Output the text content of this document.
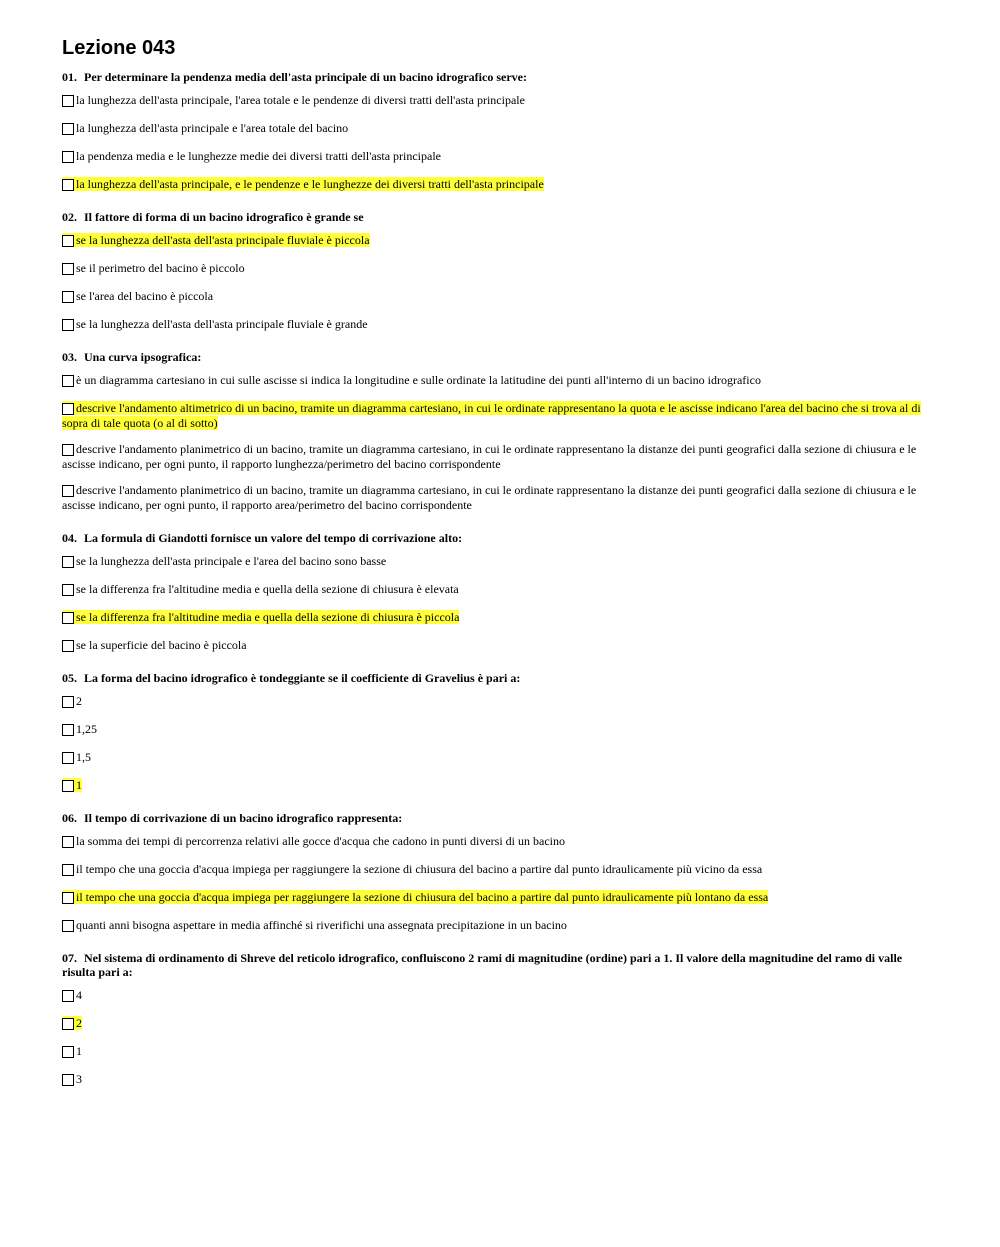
Lezione 043
01. Per determinare la pendenza media dell'asta principale di un bacino idrografico serve:
la lunghezza dell'asta principale, l'area totale e le pendenze di diversi tratti dell'asta principale
la lunghezza dell'asta principale e l'area totale del bacino
la pendenza media e le lunghezze medie dei diversi tratti dell'asta principale
la lunghezza dell'asta principale, e le pendenze e le lunghezze dei diversi tratti dell'asta principale
02. Il fattore di forma di un bacino idrografico è grande se
se la lunghezza dell'asta dell'asta principale fluviale è piccola
se il perimetro del bacino è piccolo
se l'area del bacino è piccola
se la lunghezza dell'asta dell'asta principale fluviale è grande
03. Una curva ipsografica:
è un diagramma cartesiano in cui sulle ascisse si indica la longitudine e sulle ordinate la latitudine dei punti all'interno di un bacino idrografico
descrive l'andamento altimetrico di un bacino, tramite un diagramma cartesiano, in cui le ordinate rappresentano la quota e le ascisse indicano l'area del bacino che si trova al di sopra di tale quota (o al di sotto)
descrive l'andamento planimetrico di un bacino, tramite un diagramma cartesiano, in cui le ordinate rappresentano la distanze dei punti geografici dalla sezione di chiusura e le ascisse indicano, per ogni punto, il rapporto lunghezza/perimetro del bacino corrispondente
descrive l'andamento planimetrico di un bacino, tramite un diagramma cartesiano, in cui le ordinate rappresentano la distanze dei punti geografici dalla sezione di chiusura e le ascisse indicano, per ogni punto, il rapporto area/perimetro del bacino corrispondente
04. La formula di Giandotti fornisce un valore del tempo di corrivazione alto:
se la lunghezza dell'asta principale e l'area del bacino sono basse
se la differenza fra l'altitudine media e quella della sezione di chiusura è elevata
se la differenza fra l'altitudine media e quella della sezione di chiusura è piccola
se la superficie del bacino è piccola
05. La forma del bacino idrografico è tondeggiante se il coefficiente di Gravelius è pari a:
2
1,25
1,5
1
06. Il tempo di corrivazione di un bacino idrografico rappresenta:
la somma dei tempi di percorrenza relativi alle gocce d'acqua che cadono in punti diversi di un bacino
il tempo che una goccia d'acqua impiega per raggiungere la sezione di chiusura del bacino a partire dal punto idraulicamente più vicino da essa
il tempo che una goccia d'acqua impiega per raggiungere la sezione di chiusura del bacino a partire dal punto idraulicamente più lontano da essa
quanti anni bisogna aspettare in media affinché si riverifichi una assegnata precipitazione in un bacino
07. Nel sistema di ordinamento di Shreve del reticolo idrografico, confluiscono 2 rami di magnitudine (ordine) pari a 1. Il valore della magnitudine del ramo di valle risulta pari a:
4
2
1
3
